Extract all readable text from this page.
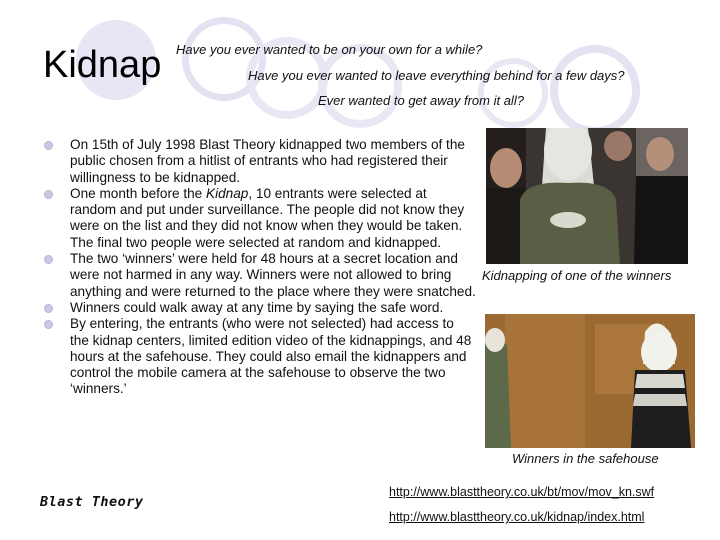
Kidnap Have you ever wanted to be on your own for a while?
Have you ever wanted to leave everything behind for a few days?
Ever wanted to get away from it all?
On 15th of July 1998 Blast Theory kidnapped two members of the public chosen from a hitlist of entrants who had registered their willingness to be kidnapped.
One month before the Kidnap, 10 entrants were selected at random and put under surveillance. The people did not know they were on the list and they did not know when they would be taken. The final two people were selected at random and kidnapped.
The two ‘winners’ were held for 48 hours at a secret location and were not harmed in any way. Winners were not allowed to bring anything and were returned to the place where they were snatched.
Winners could walk away at any time by saying the safe word.
By entering, the entrants (who were not selected) had access to the kidnap centers, limited edition video of the kidnappings, and 48 hours at the safehouse. They could also email the kidnappers and control the mobile camera at the safehouse to observe the two ‘winners.’
Kidnapping of one of the winners
Winners in the safehouse
Blast Theory
http://www.blasttheory.co.uk/bt/mov/mov_kn.swf
http://www.blasttheory.co.uk/kidnap/index.html
